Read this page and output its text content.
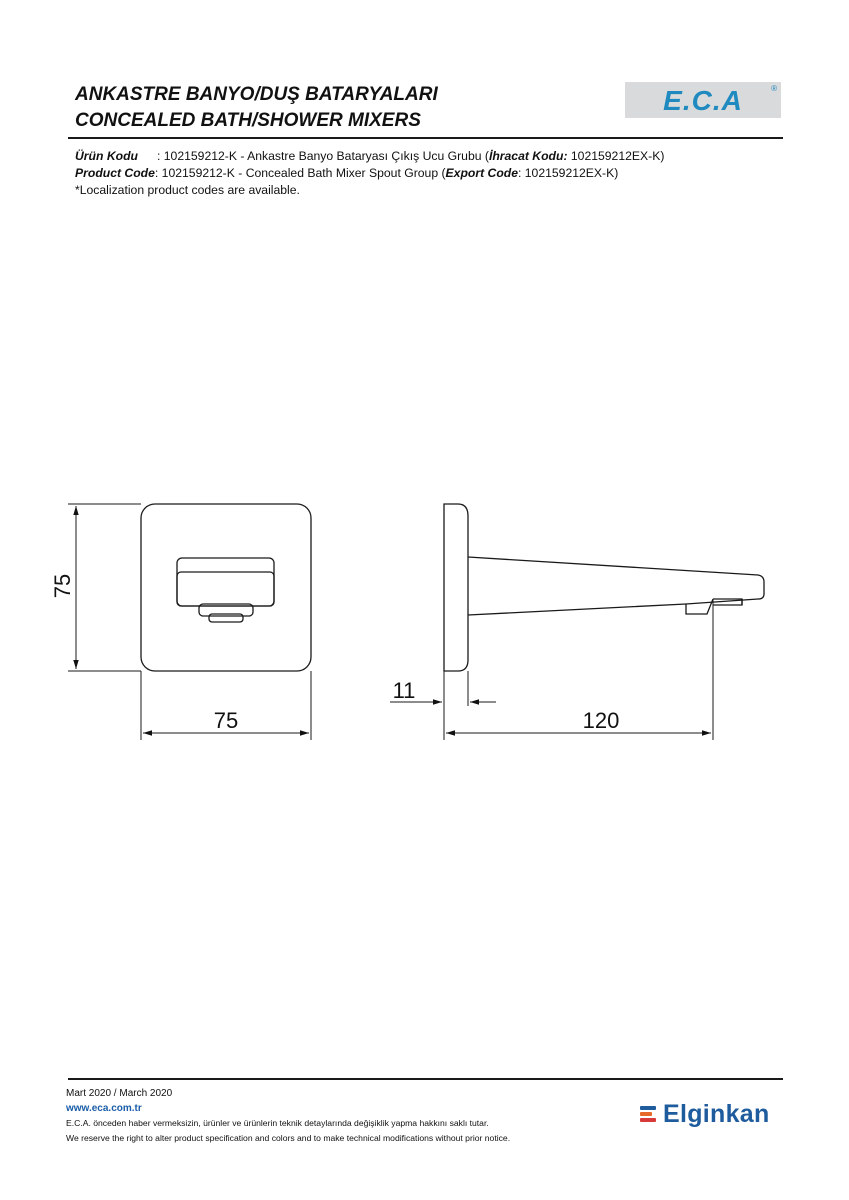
ANKASTRE BANYO/DUŞ BATARYALARI
CONCEALED BATH/SHOWER MIXERS
E.C.A	®
Ürün Kodu : 102159212-K - Ankastre Banyo Bataryası Çıkış Ucu Grubu (İhracat Kodu: 102159212EX-K)
Product Code: 102159212-K - Concealed Bath Mixer Spout Group (Export Code: 102159212EX-K)
*Localization product codes are available.
75
75
11
120
Mart 2020 / March 2020
www.eca.com.tr
E.C.A. önceden haber vermeksizin, ürünler ve ürünlerin teknik detaylarında değişiklik yapma hakkını saklı tutar.
We reserve the right to alter product specification and colors and to make technical modifications without prior notice.
Elginkan
